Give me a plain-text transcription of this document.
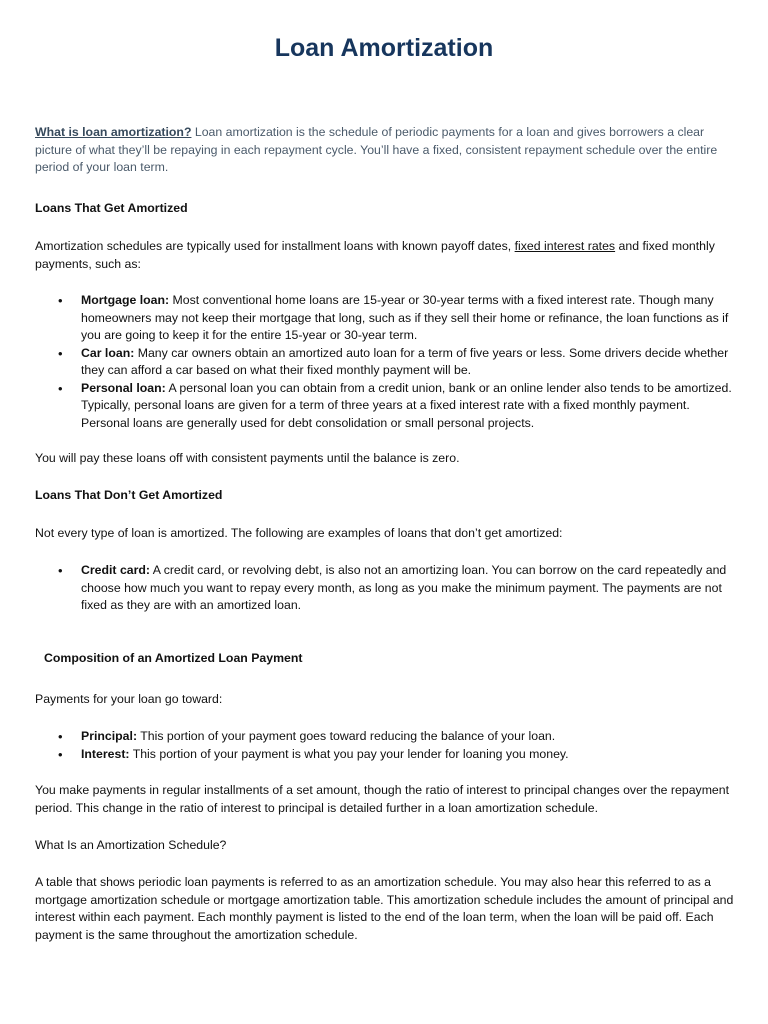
Loan Amortization

What is loan amortization? Loan amortization is the schedule of periodic payments for a loan and gives borrowers a clear picture of what they’ll be repaying in each repayment cycle. You’ll have a fixed, consistent repayment schedule over the entire period of your loan term.

Loans That Get Amortized

Amortization schedules are typically used for installment loans with known payoff dates, fixed interest rates and fixed monthly payments, such as:

• Mortgage loan: Most conventional home loans are 15-year or 30-year terms with a fixed interest rate. Though many homeowners may not keep their mortgage that long, such as if they sell their home or refinance, the loan functions as if you are going to keep it for the entire 15-year or 30-year term.
• Car loan: Many car owners obtain an amortized auto loan for a term of five years or less. Some drivers decide whether they can afford a car based on what their fixed monthly payment will be.
• Personal loan: A personal loan you can obtain from a credit union, bank or an online lender also tends to be amortized. Typically, personal loans are given for a term of three years at a fixed interest rate with a fixed monthly payment. Personal loans are generally used for debt consolidation or small personal projects.

You will pay these loans off with consistent payments until the balance is zero.

Loans That Don’t Get Amortized

Not every type of loan is amortized. The following are examples of loans that don’t get amortized:

• Credit card: A credit card, or revolving debt, is also not an amortizing loan. You can borrow on the card repeatedly and choose how much you want to repay every month, as long as you make the minimum payment. The payments are not fixed as they are with an amortized loan.

Composition of an Amortized Loan Payment

Payments for your loan go toward:

• Principal: This portion of your payment goes toward reducing the balance of your loan.
• Interest: This portion of your payment is what you pay your lender for loaning you money.

You make payments in regular installments of a set amount, though the ratio of interest to principal changes over the repayment period. This change in the ratio of interest to principal is detailed further in a loan amortization schedule.

What Is an Amortization Schedule?

A table that shows periodic loan payments is referred to as an amortization schedule. You may also hear this referred to as a mortgage amortization schedule or mortgage amortization table. This amortization schedule includes the amount of principal and interest within each payment. Each monthly payment is listed to the end of the loan term, when the loan will be paid off. Each payment is the same throughout the amortization schedule.
